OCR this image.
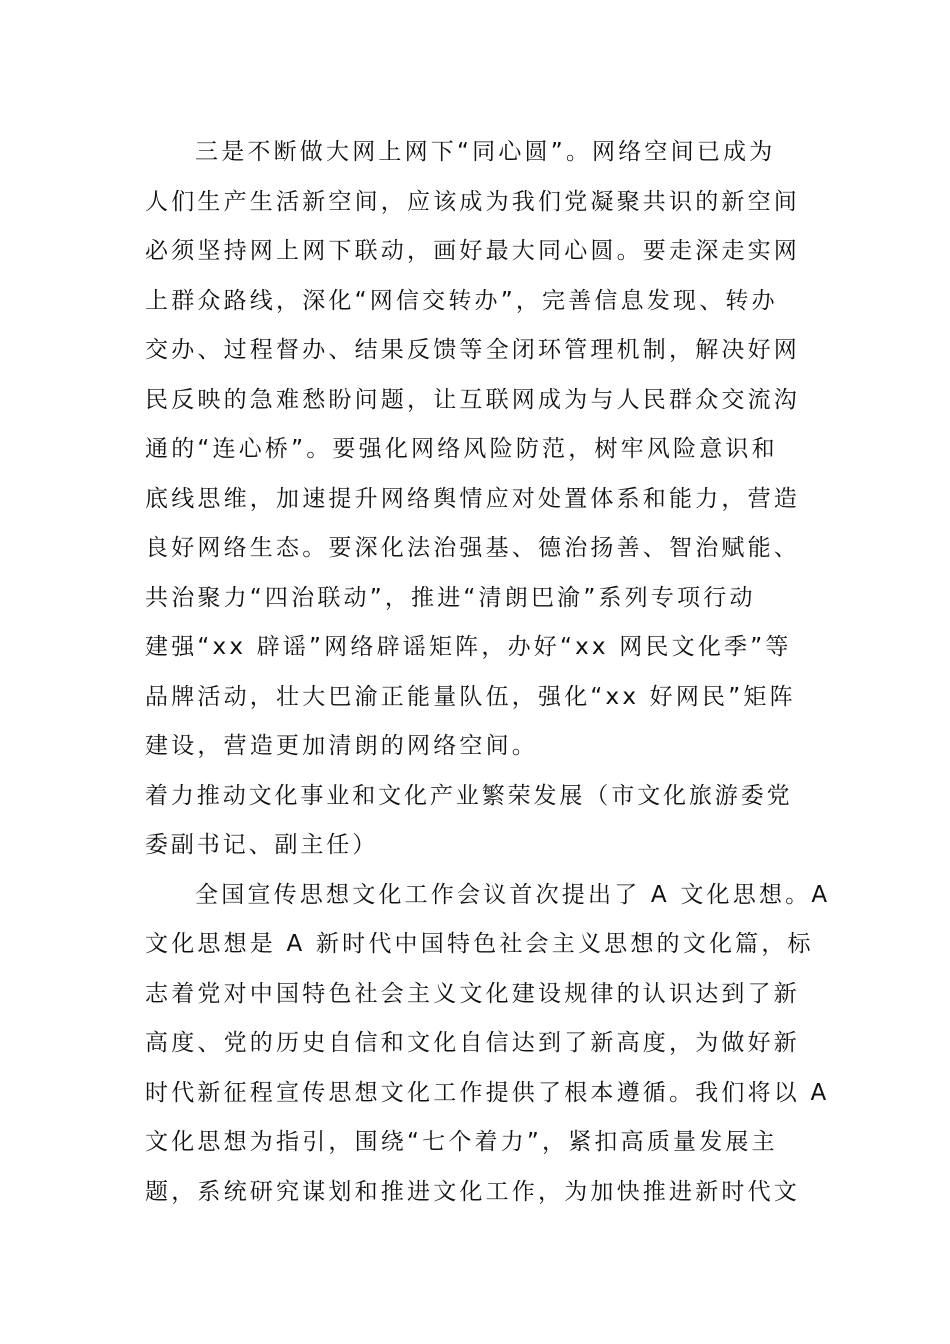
三是不断做大网上网下“同心圆”。网络空间已成为
人们生产生活新空间，应该成为我们党凝聚共识的新空间
必须坚持网上网下联动，画好最大同心圆。要走深走实网
上群众路线，深化“网信交转办”，完善信息发现、转办
交办、过程督办、结果反馈等全闭环管理机制，解决好网
民反映的急难愁盼问题，让互联网成为与人民群众交流沟
通的“连心桥”。要强化网络风险防范，树牢风险意识和
底线思维，加速提升网络舆情应对处置体系和能力，营造
良好网络生态。要深化法治强基、德治扬善、智治赋能、
共治聚力“四治联动”，推进“清朗巴渝”系列专项行动
建强“xx 辟谣”网络辟谣矩阵，办好“xx 网民文化季”等
品牌活动，壮大巴渝正能量队伍，强化“xx 好网民”矩阵
建设，营造更加清朗的网络空间。
着力推动文化事业和文化产业繁荣发展（市文化旅游委党
委副书记、副主任）
全国宣传思想文化工作会议首次提出了 A 文化思想。A
文化思想是 A 新时代中国特色社会主义思想的文化篇，标
志着党对中国特色社会主义文化建设规律的认识达到了新
高度、党的历史自信和文化自信达到了新高度，为做好新
时代新征程宣传思想文化工作提供了根本遵循。我们将以 A
文化思想为指引，围绕“七个着力”，紧扣高质量发展主
题，系统研究谋划和推进文化工作，为加快推进新时代文
